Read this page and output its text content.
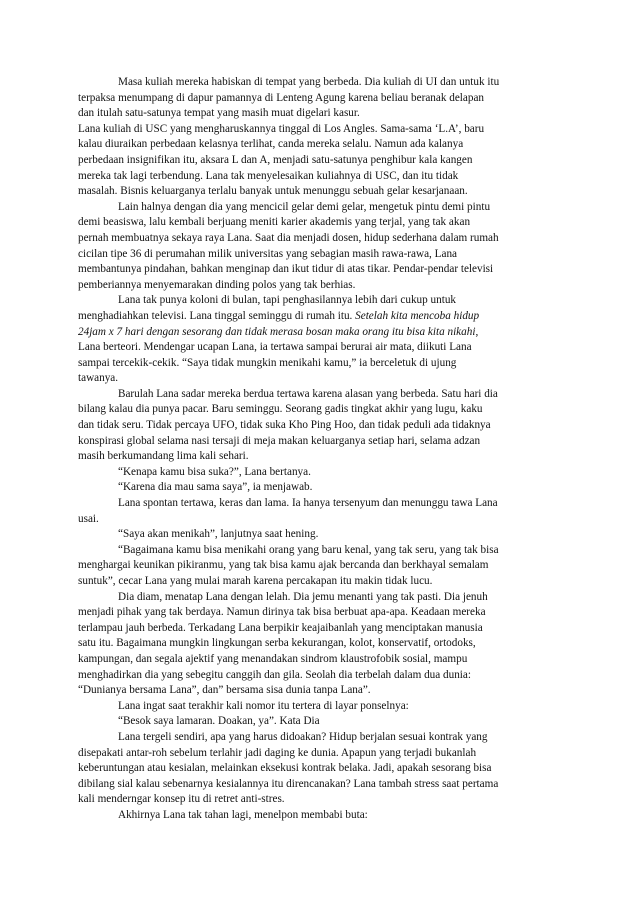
Masa kuliah mereka habiskan di tempat yang berbeda. Dia kuliah di UI dan untuk itu
terpaksa menumpang di dapur pamannya di Lenteng Agung karena beliau beranak delapan
dan itulah satu-satunya tempat yang masih muat digelari kasur.
Lana kuliah di USC yang mengharuskannya tinggal di Los Angles. Sama-sama ‘L.A’, baru
kalau diuraikan perbedaan kelasnya terlihat, canda mereka selalu. Namun ada kalanya
perbedaan insignifikan itu, aksara L dan A, menjadi satu-satunya penghibur kala kangen
mereka tak lagi terbendung. Lana tak menyelesaikan kuliahnya di USC, dan itu tidak
masalah. Bisnis keluarganya terlalu banyak untuk menunggu sebuah gelar kesarjanaan.
Lain halnya dengan dia yang mencicil gelar demi gelar, mengetuk pintu demi pintu
demi beasiswa, lalu kembali berjuang meniti karier akademis yang terjal, yang tak akan
pernah membuatnya sekaya raya Lana. Saat dia menjadi dosen, hidup sederhana dalam rumah
cicilan tipe 36 di perumahan milik universitas yang sebagian masih rawa-rawa, Lana
membantunya pindahan, bahkan menginap dan ikut tidur di atas tikar. Pendar-pendar televisi
pemberiannya menyemarakan dinding polos yang tak berhias.
Lana tak punya koloni di bulan, tapi penghasilannya lebih dari cukup untuk
menghadiahkan televisi. Lana tinggal seminggu di rumah itu. Setelah kita mencoba hidup
24jam x 7 hari dengan sesorang dan tidak merasa bosan maka orang itu bisa kita nikahi,
Lana berteori. Mendengar ucapan Lana, ia tertawa sampai berurai air mata, diikuti Lana
sampai tercekik-cekik. “Saya tidak mungkin menikahi kamu,” ia berceletuk di ujung
tawanya.
Barulah Lana sadar mereka berdua tertawa karena alasan yang berbeda. Satu hari dia
bilang kalau dia punya pacar. Baru seminggu. Seorang gadis tingkat akhir yang lugu, kaku
dan tidak seru. Tidak percaya UFO, tidak suka Kho Ping Hoo, dan tidak peduli ada tidaknya
konspirasi global selama nasi tersaji di meja makan keluarganya setiap hari, selama adzan
masih berkumandang lima kali sehari.
“Kenapa kamu bisa suka?”, Lana bertanya.
“Karena dia mau sama saya”, ia menjawab.
Lana spontan tertawa, keras dan lama. Ia hanya tersenyum dan menunggu tawa Lana
usai.
“Saya akan menikah”, lanjutnya saat hening.
“Bagaimana kamu bisa menikahi orang yang baru kenal, yang tak seru, yang tak bisa
menghargai keunikan pikiranmu, yang tak bisa kamu ajak bercanda dan berkhayal semalam
suntuk”, cecar Lana yang mulai marah karena percakapan itu makin tidak lucu.
Dia diam, menatap Lana dengan lelah. Dia jemu menanti yang tak pasti. Dia jenuh
menjadi pihak yang tak berdaya. Namun dirinya tak bisa berbuat apa-apa. Keadaan mereka
terlampau jauh berbeda. Terkadang Lana berpikir keajaibanlah yang menciptakan manusia
satu itu. Bagaimana mungkin lingkungan serba kekurangan, kolot, konservatif, ortodoks,
kampungan, dan segala ajektif yang menandakan sindrom klaustrofobik sosial, mampu
menghadirkan dia yang sebegitu canggih dan gila. Seolah dia terbelah dalam dua dunia:
“Dunianya bersama Lana”, dan” bersama sisa dunia tanpa Lana”.
Lana ingat saat terakhir kali nomor itu tertera di layar ponselnya:
“Besok saya lamaran. Doakan, ya”. Kata Dia
Lana tergeli sendiri, apa yang harus didoakan? Hidup berjalan sesuai kontrak yang
disepakati antar-roh sebelum terlahir jadi daging ke dunia. Apapun yang terjadi bukanlah
keberuntungan atau kesialan, melainkan eksekusi kontrak belaka. Jadi, apakah sesorang bisa
dibilang sial kalau sebenarnya kesialannya itu direncanakan? Lana tambah stress saat pertama
kali menderngar konsep itu di retret anti-stres.
Akhirnya Lana tak tahan lagi, menelpon membabi buta:
